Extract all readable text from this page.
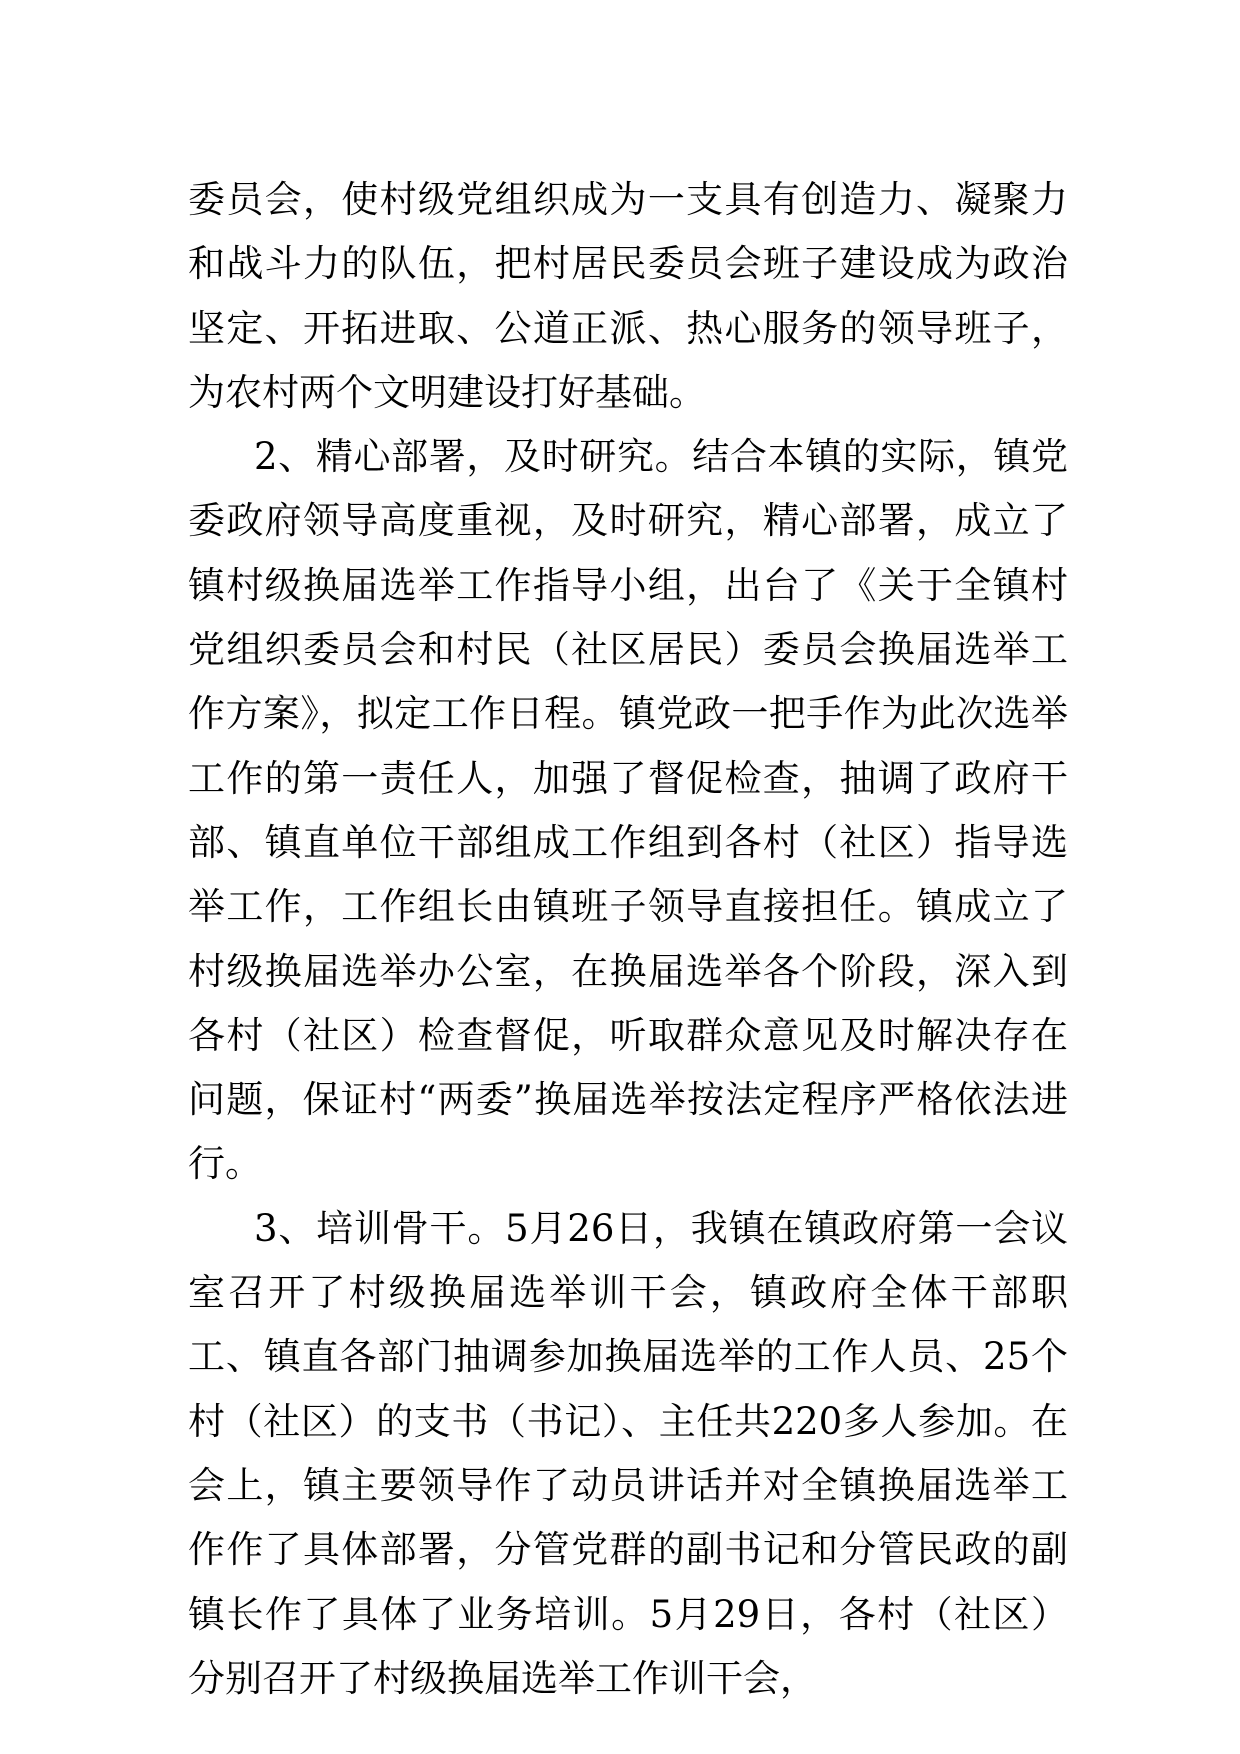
委员会，使村级党组织成为一支具有创造力、凝聚力和战斗力的队伍，把村居民委员会班子建设成为政治坚定、开拓进取、公道正派、热心服务的领导班子，为农村两个文明建设打好基础。

2、精心部署，及时研究。结合本镇的实际，镇党委政府领导高度重视，及时研究，精心部署，成立了镇村级换届选举工作指导小组，出台了《关于全镇村党组织委员会和村民（社区居民）委员会换届选举工作方案》，拟定工作日程。镇党政一把手作为此次选举工作的第一责任人，加强了督促检查，抽调了政府干部、镇直单位干部组成工作组到各村（社区）指导选举工作，工作组长由镇班子领导直接担任。镇成立了村级换届选举办公室，在换届选举各个阶段，深入到各村（社区）检查督促，听取群众意见及时解决存在问题，保证村“两委”换届选举按法定程序严格依法进行。

3、培训骨干。5月26日，我镇在镇政府第一会议室召开了村级换届选举训干会，镇政府全体干部职工、镇直各部门抽调参加换届选举的工作人员、25个村（社区）的支书（书记）、主任共220多人参加。在会上，镇主要领导作了动员讲话并对全镇换届选举工作作了具体部署，分管党群的副书记和分管民政的副镇长作了具体了业务培训。5月29日，各村（社区）分别召开了村级换届选举工作训干会，
